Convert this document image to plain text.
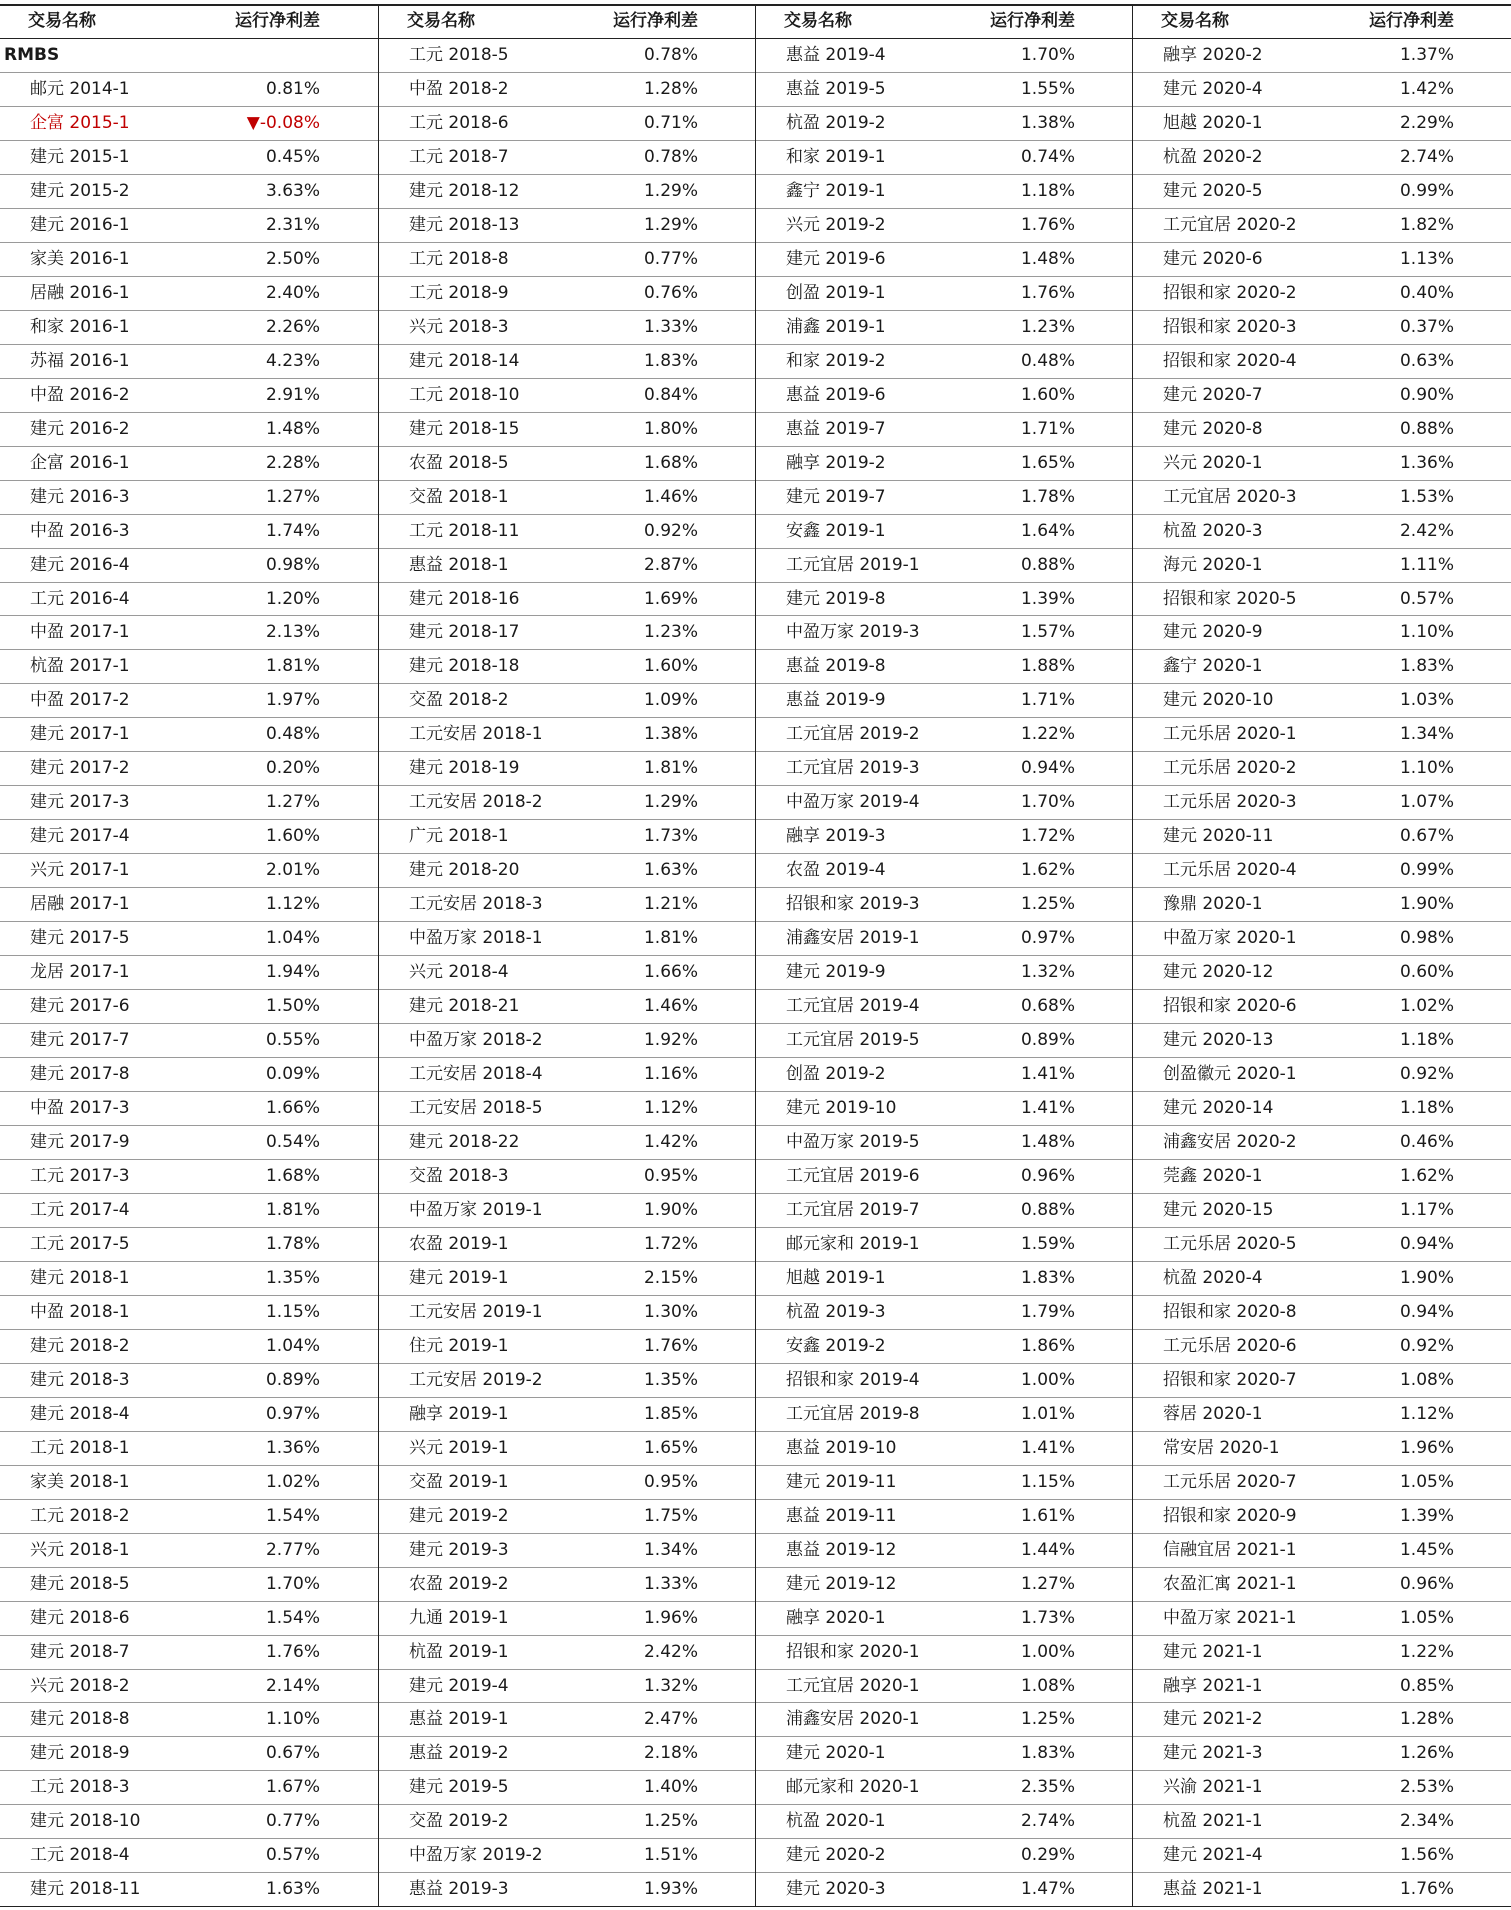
交易名称	运行净利差
RMBS
邮元 2014-1	0.81%
企富 2015-1	▼-0.08%
建元 2015-1	0.45%
建元 2015-2	3.63%
建元 2016-1	2.31%
家美 2016-1	2.50%
居融 2016-1	2.40%
和家 2016-1	2.26%
苏福 2016-1	4.23%
中盈 2016-2	2.91%
建元 2016-2	1.48%
企富 2016-1	2.28%
建元 2016-3	1.27%
中盈 2016-3	1.74%
建元 2016-4	0.98%
工元 2016-4	1.20%
中盈 2017-1	2.13%
杭盈 2017-1	1.81%
中盈 2017-2	1.97%
建元 2017-1	0.48%
建元 2017-2	0.20%
建元 2017-3	1.27%
建元 2017-4	1.60%
兴元 2017-1	2.01%
居融 2017-1	1.12%
建元 2017-5	1.04%
龙居 2017-1	1.94%
建元 2017-6	1.50%
建元 2017-7	0.55%
建元 2017-8	0.09%
中盈 2017-3	1.66%
建元 2017-9	0.54%
工元 2017-3	1.68%
工元 2017-4	1.81%
工元 2017-5	1.78%
建元 2018-1	1.35%
中盈 2018-1	1.15%
建元 2018-2	1.04%
建元 2018-3	0.89%
建元 2018-4	0.97%
工元 2018-1	1.36%
家美 2018-1	1.02%
工元 2018-2	1.54%
兴元 2018-1	2.77%
建元 2018-5	1.70%
建元 2018-6	1.54%
建元 2018-7	1.76%
兴元 2018-2	2.14%
建元 2018-8	1.10%
建元 2018-9	0.67%
工元 2018-3	1.67%
建元 2018-10	0.77%
工元 2018-4	0.57%
建元 2018-11	1.63%
交易名称	运行净利差
工元 2018-5	0.78%
中盈 2018-2	1.28%
工元 2018-6	0.71%
工元 2018-7	0.78%
建元 2018-12	1.29%
建元 2018-13	1.29%
工元 2018-8	0.77%
工元 2018-9	0.76%
兴元 2018-3	1.33%
建元 2018-14	1.83%
工元 2018-10	0.84%
建元 2018-15	1.80%
农盈 2018-5	1.68%
交盈 2018-1	1.46%
工元 2018-11	0.92%
惠益 2018-1	2.87%
建元 2018-16	1.69%
建元 2018-17	1.23%
建元 2018-18	1.60%
交盈 2018-2	1.09%
工元安居 2018-1	1.38%
建元 2018-19	1.81%
工元安居 2018-2	1.29%
广元 2018-1	1.73%
建元 2018-20	1.63%
工元安居 2018-3	1.21%
中盈万家 2018-1	1.81%
兴元 2018-4	1.66%
建元 2018-21	1.46%
中盈万家 2018-2	1.92%
工元安居 2018-4	1.16%
工元安居 2018-5	1.12%
建元 2018-22	1.42%
交盈 2018-3	0.95%
中盈万家 2019-1	1.90%
农盈 2019-1	1.72%
建元 2019-1	2.15%
工元安居 2019-1	1.30%
住元 2019-1	1.76%
工元安居 2019-2	1.35%
融享 2019-1	1.85%
兴元 2019-1	1.65%
交盈 2019-1	0.95%
建元 2019-2	1.75%
建元 2019-3	1.34%
农盈 2019-2	1.33%
九通 2019-1	1.96%
杭盈 2019-1	2.42%
建元 2019-4	1.32%
惠益 2019-1	2.47%
惠益 2019-2	2.18%
建元 2019-5	1.40%
交盈 2019-2	1.25%
中盈万家 2019-2	1.51%
惠益 2019-3	1.93%
交易名称	运行净利差
惠益 2019-4	1.70%
惠益 2019-5	1.55%
杭盈 2019-2	1.38%
和家 2019-1	0.74%
鑫宁 2019-1	1.18%
兴元 2019-2	1.76%
建元 2019-6	1.48%
创盈 2019-1	1.76%
浦鑫 2019-1	1.23%
和家 2019-2	0.48%
惠益 2019-6	1.60%
惠益 2019-7	1.71%
融享 2019-2	1.65%
建元 2019-7	1.78%
安鑫 2019-1	1.64%
工元宜居 2019-1	0.88%
建元 2019-8	1.39%
中盈万家 2019-3	1.57%
惠益 2019-8	1.88%
惠益 2019-9	1.71%
工元宜居 2019-2	1.22%
工元宜居 2019-3	0.94%
中盈万家 2019-4	1.70%
融享 2019-3	1.72%
农盈 2019-4	1.62%
招银和家 2019-3	1.25%
浦鑫安居 2019-1	0.97%
建元 2019-9	1.32%
工元宜居 2019-4	0.68%
工元宜居 2019-5	0.89%
创盈 2019-2	1.41%
建元 2019-10	1.41%
中盈万家 2019-5	1.48%
工元宜居 2019-6	0.96%
工元宜居 2019-7	0.88%
邮元家和 2019-1	1.59%
旭越 2019-1	1.83%
杭盈 2019-3	1.79%
安鑫 2019-2	1.86%
招银和家 2019-4	1.00%
工元宜居 2019-8	1.01%
惠益 2019-10	1.41%
建元 2019-11	1.15%
惠益 2019-11	1.61%
惠益 2019-12	1.44%
建元 2019-12	1.27%
融享 2020-1	1.73%
招银和家 2020-1	1.00%
工元宜居 2020-1	1.08%
浦鑫安居 2020-1	1.25%
建元 2020-1	1.83%
邮元家和 2020-1	2.35%
杭盈 2020-1	2.74%
建元 2020-2	0.29%
建元 2020-3	1.47%
交易名称	运行净利差
融享 2020-2	1.37%
建元 2020-4	1.42%
旭越 2020-1	2.29%
杭盈 2020-2	2.74%
建元 2020-5	0.99%
工元宜居 2020-2	1.82%
建元 2020-6	1.13%
招银和家 2020-2	0.40%
招银和家 2020-3	0.37%
招银和家 2020-4	0.63%
建元 2020-7	0.90%
建元 2020-8	0.88%
兴元 2020-1	1.36%
工元宜居 2020-3	1.53%
杭盈 2020-3	2.42%
海元 2020-1	1.11%
招银和家 2020-5	0.57%
建元 2020-9	1.10%
鑫宁 2020-1	1.83%
建元 2020-10	1.03%
工元乐居 2020-1	1.34%
工元乐居 2020-2	1.10%
工元乐居 2020-3	1.07%
建元 2020-11	0.67%
工元乐居 2020-4	0.99%
豫鼎 2020-1	1.90%
中盈万家 2020-1	0.98%
建元 2020-12	0.60%
招银和家 2020-6	1.02%
建元 2020-13	1.18%
创盈徽元 2020-1	0.92%
建元 2020-14	1.18%
浦鑫安居 2020-2	0.46%
莞鑫 2020-1	1.62%
建元 2020-15	1.17%
工元乐居 2020-5	0.94%
杭盈 2020-4	1.90%
招银和家 2020-8	0.94%
工元乐居 2020-6	0.92%
招银和家 2020-7	1.08%
蓉居 2020-1	1.12%
常安居 2020-1	1.96%
工元乐居 2020-7	1.05%
招银和家 2020-9	1.39%
信融宜居 2021-1	1.45%
农盈汇寓 2021-1	0.96%
中盈万家 2021-1	1.05%
建元 2021-1	1.22%
融享 2021-1	0.85%
建元 2021-2	1.28%
建元 2021-3	1.26%
兴渝 2021-1	2.53%
杭盈 2021-1	2.34%
建元 2021-4	1.56%
惠益 2021-1	1.76%
